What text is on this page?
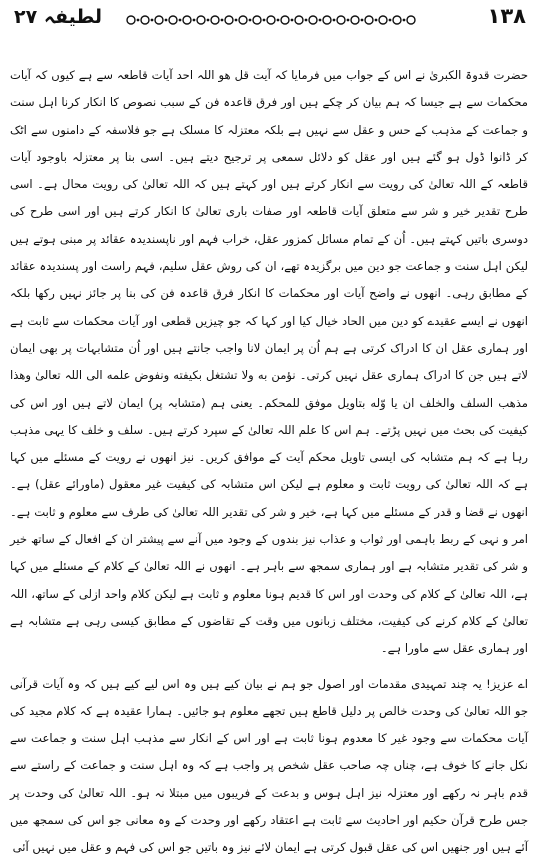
لطیفہ ۲۷	۱۳۸

حضرت قدوۃ الکبریٰ نے اس کے جواب میں فرمایا کہ آیت قل ھو اللہ احد آیات قاطعہ سے ہے کیوں کہ آیات محکمات سے ہے جیسا کہ ہم بیان کر چکے ہیں اور فرق قاعدہ فن کے سبب نصوص کا انکار کرنا اہل سنت و جماعت کے مذہب کے حس و عقل سے نہیں ہے بلکہ معتزلہ کا مسلک ہے جو فلاسفہ کے دامنوں سے اٹک کر ڈانوا ڈول ہو گئے ہیں اور عقل کو دلائل سمعی پر ترجیح دیتے ہیں۔ اسی بنا پر معتزلہ باوجود آیات قاطعہ کے اللہ تعالیٰ کی رویت سے انکار کرتے ہیں اور کہتے ہیں کہ اللہ تعالیٰ کی رویت محال ہے۔ اسی طرح تقدیر خیر و شر سے متعلق آیات قاطعہ اور صفات باری تعالیٰ کا انکار کرتے ہیں اور اسی طرح کی دوسری باتیں کہتے ہیں۔ اُن کے تمام مسائل کمزور عقل، خراب فہم اور ناپسندیدہ عقائد پر مبنی ہوتے ہیں لیکن اہل سنت و جماعت جو دین میں برگزیدہ تھے، ان کی روش عقل سلیم، فہم راست اور پسندیدہ عقائد کے مطابق رہی۔ انھوں نے واضح آیات اور محکمات کا انکار فرق قاعدہ فن کی بنا پر جائز نہیں رکھا بلکہ انھوں نے ایسے عقیدے کو دین میں الحاد خیال کیا اور کہا کہ جو چیزیں قطعی اور آیات محکمات سے ثابت ہے اور ہماری عقل ان کا ادراک کرتی ہے ہم اُن پر ایمان لانا واجب جانتے ہیں اور اُن متشابہات پر بھی ایمان لاتے ہیں جن کا ادراک ہماری عقل نہیں کرتی۔ نؤمن به ولا تشتغل بکیفته ونفوض علمه الی اللہ تعالیٰ وھذا مذھب السلف والخلف ان یا وّله بتاویل موفق للمحکم۔ یعنی ہم (متشابہ پر) ایمان لاتے ہیں اور اس کی کیفیت کی بحث میں نہیں پڑتے۔ ہم اس کا علم اللہ تعالیٰ کے سپرد کرتے ہیں۔ سلف و خلف کا یہی مذہب رہا ہے کہ ہم متشابہ کی ایسی تاویل محکم آیت کے موافق کریں۔ نیز انھوں نے رویت کے مسئلے میں کہا ہے کہ اللہ تعالیٰ کی رویت ثابت و معلوم ہے لیکن اس متشابہ کی کیفیت غیر معقول (ماورائے عقل) ہے۔ انھوں نے قضا و قدر کے مسئلے میں کہا ہے، خیر و شر کی تقدیر اللہ تعالیٰ کی طرف سے معلوم و ثابت ہے۔ امر و نہی کے ربط باہمی اور ثواب و عذاب نیز بندوں کے وجود میں آنے سے پیشتر ان کے افعال کے ساتھ خیر و شر کی تقدیر متشابہ ہے اور ہماری سمجھ سے باہر ہے۔ انھوں نے اللہ تعالیٰ کے کلام کے مسئلے میں کہا ہے، اللہ تعالیٰ کے کلام کی وحدت اور اس کا قدیم ہونا معلوم و ثابت ہے لیکن کلام واحد ازلی کے ساتھ، اللہ تعالیٰ کے کلام کرنے کی کیفیت، مختلف زبانوں میں وقت کے تقاضوں کے مطابق کیسی رہی ہے متشابہ ہے اور ہماری عقل سے ماورا ہے۔

اے عزیز! یہ چند تمہیدی مقدمات اور اصول جو ہم نے بیان کیے ہیں وہ اس لیے کیے ہیں کہ وہ آیات قرآنی جو اللہ تعالیٰ کی وحدت خالص پر دلیل قاطع ہیں تجھے معلوم ہو جائیں۔ ہمارا عقیدہ ہے کہ کلام مجید کی آیات محکمات سے وجود غیر کا معدوم ہونا ثابت ہے اور اس کے انکار سے مذہب اہل سنت و جماعت سے نکل جانے کا خوف ہے، چناں چہ صاحب عقل شخص پر واجب ہے کہ وہ اہل سنت و جماعت کے راستے سے قدم باہر نہ رکھے اور معتزلہ نیز اہل ہوس و بدعت کے فریبوں میں مبتلا نہ ہو۔ اللہ تعالیٰ کی وحدت پر جس طرح قرآن حکیم اور احادیث سے ثابت ہے اعتقاد رکھے اور وحدت کے وہ معانی جو اس کی سمجھ میں آئے ہیں اور جنھیں اس کی عقل قبول کرتی ہے ایمان لائے نیز وہ باتیں جو اس کی فہم و عقل میں نہیں آئی
